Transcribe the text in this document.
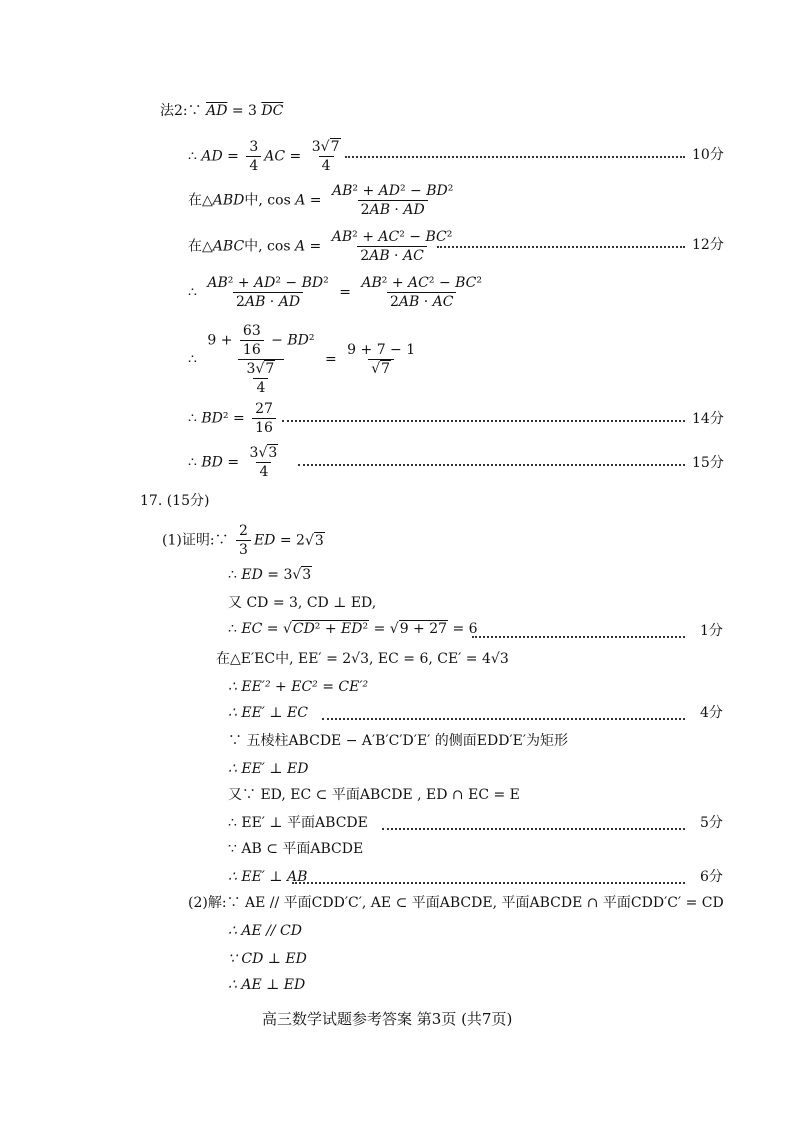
法2:∵ $\overline{AD} = 3$ $\overline{DC}$
∴ AD = $\frac{3}{4}$ AC = $\frac{3√7}{4}$	10分
在△ABD中, $\cos A = \frac{\text{AB² + AD² − BD²}}{2AB \cdot AD}$
在△ABC中, $\cos A = \frac{\text{AB² + AC² − BC²}}{2AB \cdot AC}$	12分
∴ $\frac{\text{AB² + AD² − BD²}}{2AB \cdot AD} = \frac{\text{AB² + AC² − BC²}}{2AB \cdot AC}$
∴ $\frac{9 + \frac{63}{16} - BD^2}{\frac{3√7}{4}} = \frac{9 + 7 - 1}{√7}$
∴ $BD^2 = \frac{27}{16}$	14分
∴ BD = $\frac{3√3}{4}$	15分
17. (15分)
(1)证明:∵ $\frac{2}{3}$ ED = 2√3
∴ ED = 3√3
又 CD = 3, CD ⊥ ED,
∴ EC = √CD² + ED² = √9 + 27 = 6	1分
在△E′EC中, EE′ = 2√3, EC = 6, CE′ = 4√3
∴ EE′² + EC² = CE′²
∴ EE′ ⊥ EC	4分
∵ 五棱柱ABCDE − A′B′C′D′E′ 的侧面EDD′E′为矩形
∴ EE′ ⊥ ED
又∵ ED, EC ⊂ 平面ABCDE , ED ∩ EC = E
∴ EE′ ⊥ 平面ABCDE	5分
∵ AB ⊂ 平面ABCDE
∴ EE′ ⊥ AB	6分
(2)解:∵ AE // 平面CDD′C′, AE ⊂ 平面ABCDE, 平面ABCDE ∩ 平面CDD′C′ = CD
∴ AE // CD
∵ CD ⊥ ED
∴ AE ⊥ ED
高三数学试题参考答案 第3页 (共7页)
